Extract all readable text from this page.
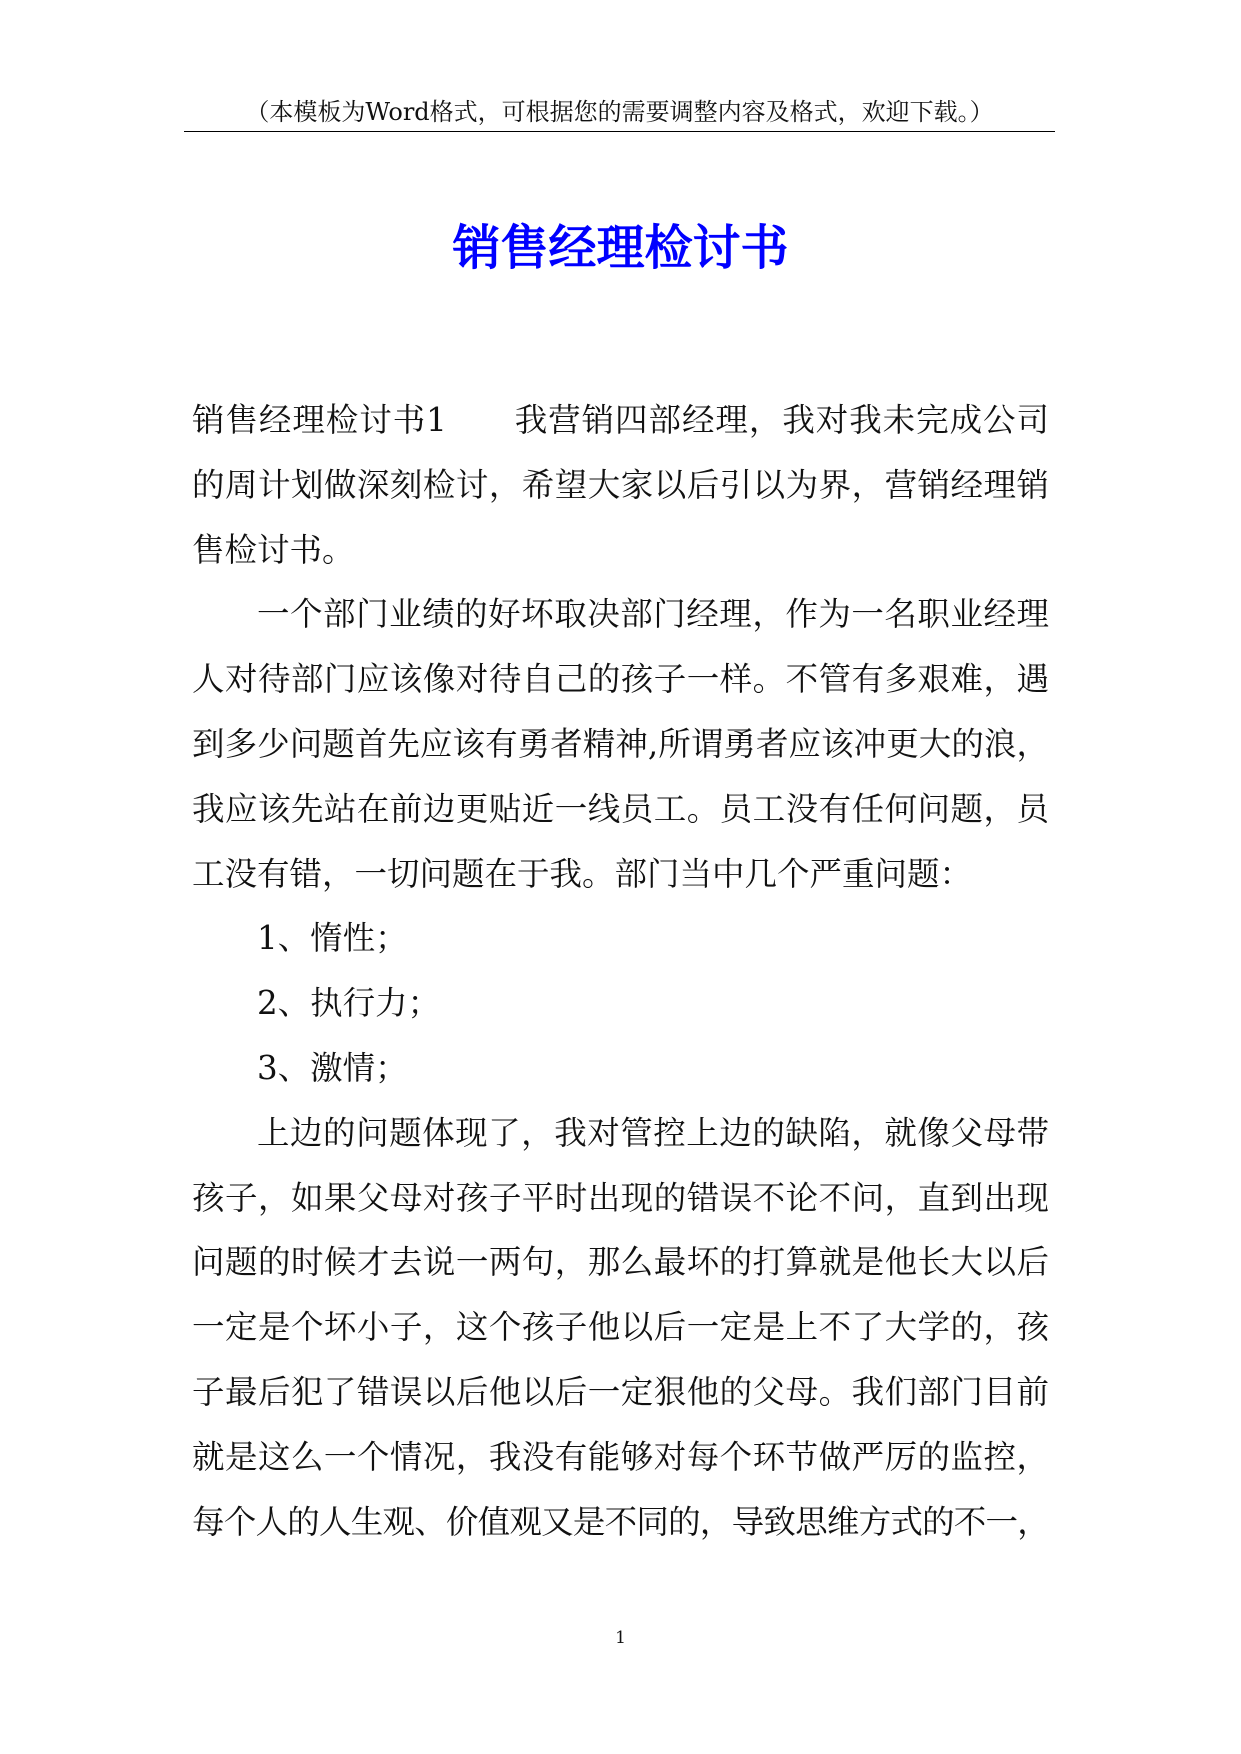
（本模板为Word格式，可根据您的需要调整内容及格式，欢迎下载。）
销售经理检讨书
销售经理检讨书1　　我营销四部经理，我对我未完成公司
的周计划做深刻检讨，希望大家以后引以为界，营销经理销
售检讨书。
一个部门业绩的好坏取决部门经理，作为一名职业经理
人对待部门应该像对待自己的孩子一样。不管有多艰难，遇
到多少问题首先应该有勇者精神,所谓勇者应该冲更大的浪，
我应该先站在前边更贴近一线员工。员工没有任何问题，员
工没有错，一切问题在于我。部门当中几个严重问题：
1、惰性；
2、执行力；
3、激情；
上边的问题体现了，我对管控上边的缺陷，就像父母带
孩子，如果父母对孩子平时出现的错误不论不问，直到出现
问题的时候才去说一两句，那么最坏的打算就是他长大以后
一定是个坏小子，这个孩子他以后一定是上不了大学的，孩
子最后犯了错误以后他以后一定狠他的父母。我们部门目前
就是这么一个情况，我没有能够对每个环节做严厉的监控，
每个人的人生观、价值观又是不同的，导致思维方式的不一，
1
